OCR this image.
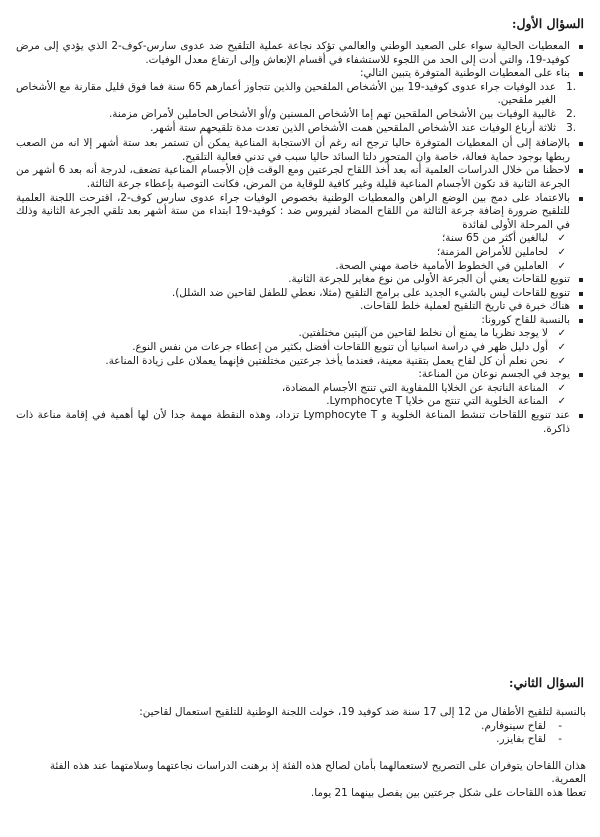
السؤال الأول:

المعطيات الحالية سواء على الصعيد الوطني والعالمي تؤكد نجاعة عملية التلقيح ضد عدوى سارس-كوف-2 الذي يؤدي إلى مرض كوفيد-19، والتي أدت إلى الحد من اللجوء للاستشفاء في أقسام الإنعاش وإلى ارتفاع معدل الوفيات.

بناء على المعطيات الوطنية المتوفرة يتبين التالي:

.1
عدد الوفيات جراء عدوى كوفيد-19 بين الأشخاص الملقحين والذين تتجاوز أعمارهم 65 سنة فما فوق قليل مقارنة مع الأشخاص الغير ملقحين.

.2
غالبية الوفيات بين الأشخاص الملقحين تهم إما الأشخاص المسنين و/أو الأشخاص الحاملين لأمراض مزمنة.

.3
ثلاثة أرباع الوفيات عند الأشخاص الملقحين همت الأشخاص الذين تعدت مدة تلقيحهم ستة أشهر.

بالإضافة إلى أن المعطيات المتوفرة حاليا ترجح انه رغم أن الاستجابة المناعية يمكن أن تستمر بعد ستة أشهر إلا انه من الصعب ربطها بوجود حماية فعالة، خاصة وان المتحور دلتا السائد حاليا سبب في تدني فعالية التلقيح.

لاحظنا من خلال الدراسات العلمية أنه بعد أخذ اللقاح لجرعتين ومع الوقت فإن الأجسام المناعية تضعف، لدرجة أنه بعد 6 أشهر من الجرعة الثانية قد تكون الأجسام المناعية قليلة وغير كافية للوقاية من المرض، فكانت التوصية بإعطاء جرعة الثالثة.

بالاعتماد على دمج بين الوضع الراهن والمعطيات الوطنية بخصوص الوفيات جراء عدوى سارس كوف-2، اقترحت اللجنة العلمية للتلقيح ضرورة إضافة جرعة الثالثة من اللقاح المضاد لفيروس ضد : كوفيد-19 ابتداء من ستة أشهر بعد تلقي الجرعة الثانية وذلك في المرحلة الأولى لفائدة

✓
لبالغين أكثر من 65 سنة؛

✓
لحاملين للأمراض المزمنة؛

✓
العاملين في الخطوط الأمامية خاصة مهني الصحة.

تنويع للقاحات يعني أن الجرعة الأولى من نوع مغاير للجرعة الثانية.

تنويع للقاحات ليس بالشيء الجديد على برامج التلقيح (مثلا، نعطي للطفل لقاحين ضد الشلل).

هناك خبرة في تاريخ التلقيح لعملية خلط للقاحات.

بالنسبة للقاح كورونا:

✓
لا يوجد نظريا ما يمنع أن نخلط لقاحين من آليتين مختلفتين.

✓
أول دليل ظهر في دراسة اسبانيا أن تنويع اللقاحات أفضل بكثير من إعطاء جرعات من نفس النوع.

✓
نحن نعلم أن كل لقاح يعمل بتقنية معينة، فعندما يأخذ جرعتين مختلفتين فإنهما يعملان على زيادة المناعة.

يوجد في الجسم نوعان من المناعة:

✓
المناعة الناتجة عن الخلايا اللمفاوية التي تنتج الأجسام المضادة،

✓
المناعة الخلوية التي تنتج من خلايا Lymphocyte T.

عند تنويع اللقاحات تنشط المناعة الخلوية و Lymphocyte T تزداد، وهذه النقطة مهمة جدا لأن لها أهمية في إقامة مناعة ذات ذاكرة.

السؤال الثاني:

بالنسبة لتلقيح الأطفال من 12 إلى 17 سنة ضد كوفيد 19، خولت اللجنة الوطنية للتلقيح استعمال لقاحين:

-
لقاح سينوفارم.

-
لقاح بفايزر.

هذان اللقاحان يتوفران على التصريح لاستعمالهما بأمان لصالح هذه الفئة إذ برهنت الدراسات نجاعتهما وسلامتهما عند هذه الفئة العمرية.

تعطا هذه اللقاحات على شكل جرعتين بين يفصل بينهما 21 يوما.
